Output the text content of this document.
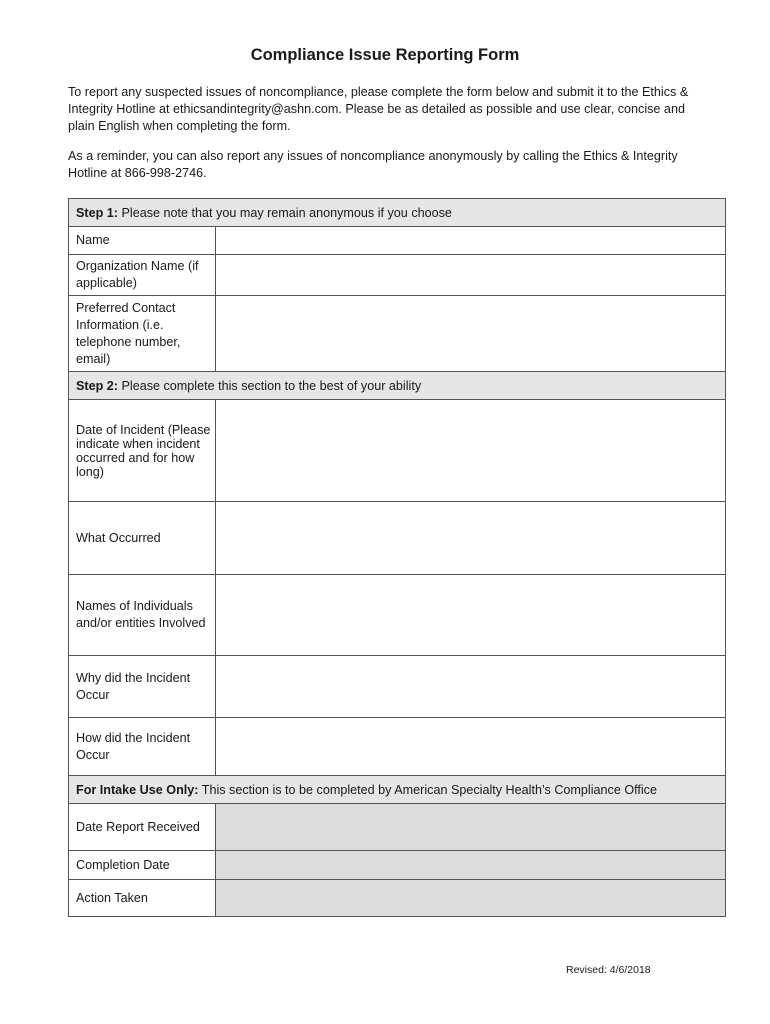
Compliance Issue Reporting Form
To report any suspected issues of noncompliance, please complete the form below and submit it to the Ethics & Integrity Hotline at ethicsandintegrity@ashn.com. Please be as detailed as possible and use clear, concise and plain English when completing the form.
As a reminder, you can also report any issues of noncompliance anonymously by calling the Ethics & Integrity Hotline at 866-998-2746.
Step 1: Please note that you may remain anonymous if you choose	
Name	
Organization Name (if applicable)	
Preferred Contact Information (i.e. telephone number, email)	
Step 2: Please complete this section to the best of your ability	
Date of Incident (Please indicate when incident occurred and for how long)	
What Occurred	
Names of Individuals and/or entities Involved	
Why did the Incident Occur	
How did the Incident Occur	
For Intake Use Only: This section is to be completed by American Specialty Health’s Compliance Office	
Date Report Received	
Completion Date	
Action Taken	
Revised: 4/6/2018
